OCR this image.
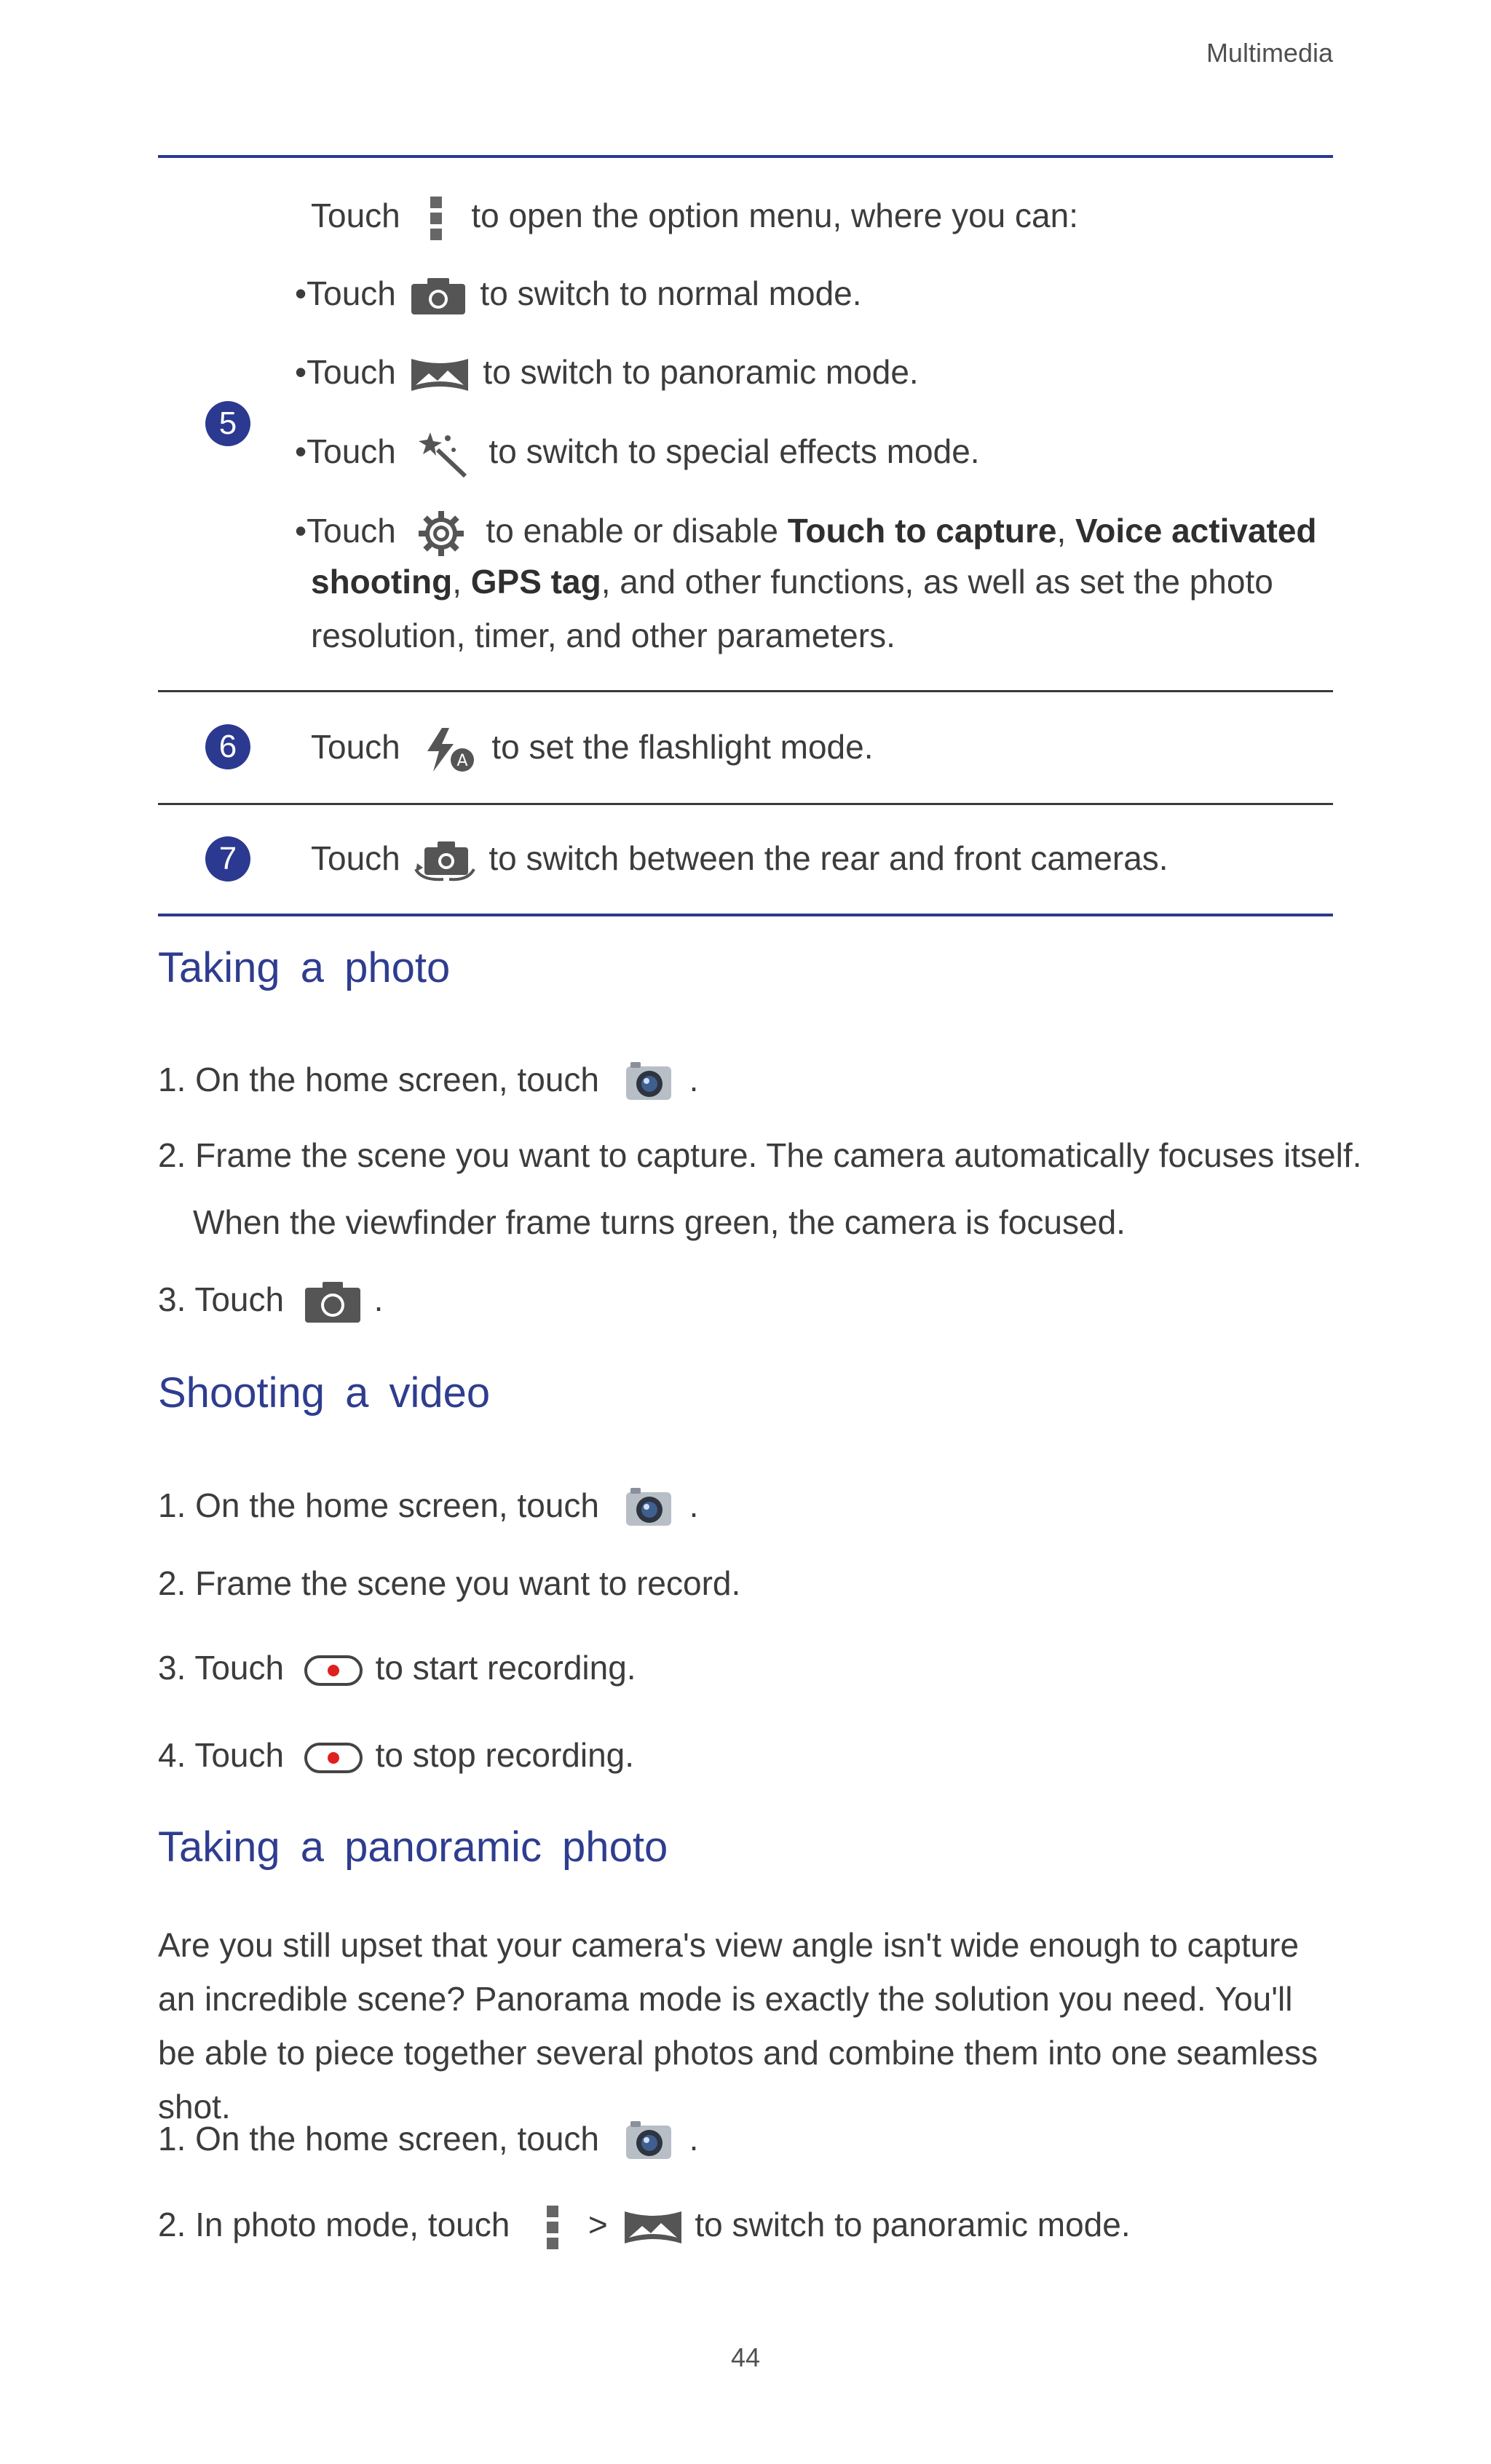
Multimedia
5
Touch to open the option menu, where you can:
•Touch	to switch to normal mode.
•Touch	to switch to panoramic mode.
•Touch	to switch to special effects mode.
•Touch	to enable or disable Touch to capture, Voice activated
shooting, GPS tag, and other functions, as well as set the photo
resolution, timer, and other parameters.
6	Touch	A to set the flashlight mode.
7	Touch	to switch between the rear and front cameras.
Taking a photo
1. On the home screen, touch	.
2. Frame the scene you want to capture. The camera automatically focuses itself.
When the viewfinder frame turns green, the camera is focused.
3. Touch	.
Shooting a video
1. On the home screen, touch	.
2. Frame the scene you want to record.
3. Touch	to start recording.
4. Touch	to stop recording.
Taking a panoramic photo
Are you still upset that your camera's view angle isn't wide enough to capture an incredible scene? Panorama mode is exactly the solution you need. You'll be able to piece together several photos and combine them into one seamless shot.
1. On the home screen, touch	.
2. In photo mode, touch >	to switch to panoramic mode.
44
